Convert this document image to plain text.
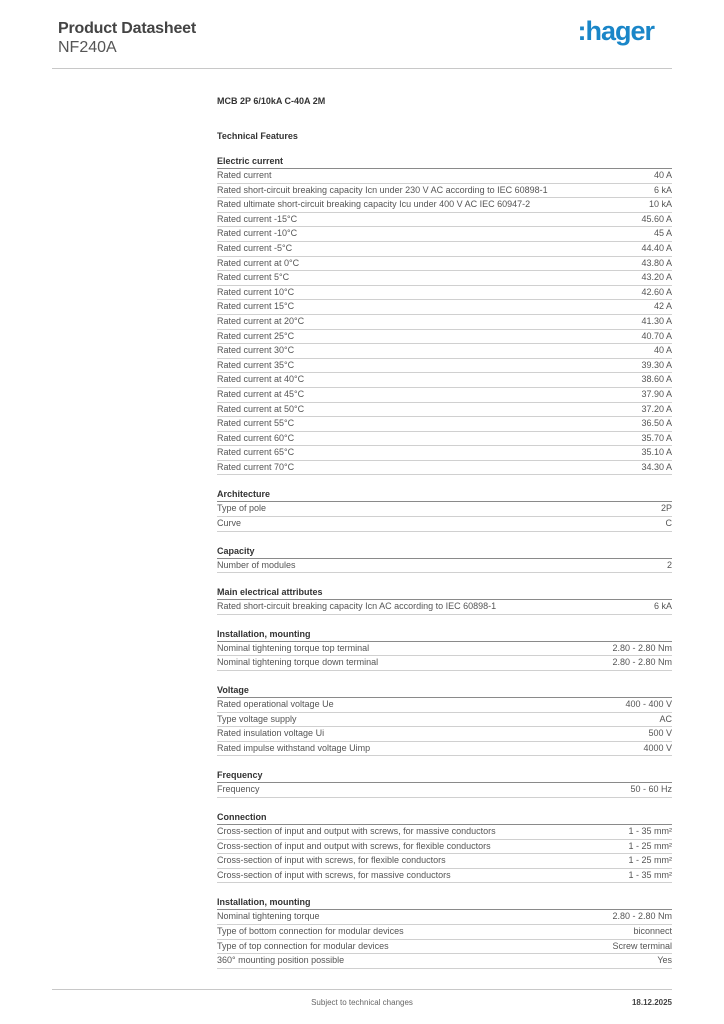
Product Datasheet
NF240A
:hager
MCB 2P 6/10kA C-40A 2M
Technical Features
Electric current
Rated current	40 A
Rated short-circuit breaking capacity Icn under 230 V AC according to IEC 60898-1	6 kA
Rated ultimate short-circuit breaking capacity Icu under 400 V AC IEC 60947-2	10 kA
Rated current -15°C	45.60 A
Rated current -10°C	45 A
Rated current -5°C	44.40 A
Rated current at 0°C	43.80 A
Rated current 5°C	43.20 A
Rated current 10°C	42.60 A
Rated current 15°C	42 A
Rated current at 20°C	41.30 A
Rated current 25°C	40.70 A
Rated current 30°C	40 A
Rated current 35°C	39.30 A
Rated current at 40°C	38.60 A
Rated current at 45°C	37.90 A
Rated current at 50°C	37.20 A
Rated current 55°C	36.50 A
Rated current 60°C	35.70 A
Rated current 65°C	35.10 A
Rated current 70°C	34.30 A
Architecture
Type of pole	2P
Curve	C
Capacity
Number of modules	2
Main electrical attributes
Rated short-circuit breaking capacity Icn AC according to IEC 60898-1	6 kA
Installation, mounting
Nominal tightening torque top terminal	2.80 - 2.80 Nm
Nominal tightening torque down terminal	2.80 - 2.80 Nm
Voltage
Rated operational voltage Ue	400 - 400 V
Type voltage supply	AC
Rated insulation voltage Ui	500 V
Rated impulse withstand voltage Uimp	4000 V
Frequency
Frequency	50 - 60 Hz
Connection
Cross-section of input and output with screws, for massive conductors	1 - 35 mm²
Cross-section of input and output with screws, for flexible conductors	1 - 25 mm²
Cross-section of input with screws, for flexible conductors	1 - 25 mm²
Cross-section of input with screws, for massive conductors	1 - 35 mm²
Installation, mounting
Nominal tightening torque	2.80 - 2.80 Nm
Type of bottom connection for modular devices	biconnect
Type of top connection for modular devices	Screw terminal
360° mounting position possible	Yes
Subject to technical changes	18.12.2025
